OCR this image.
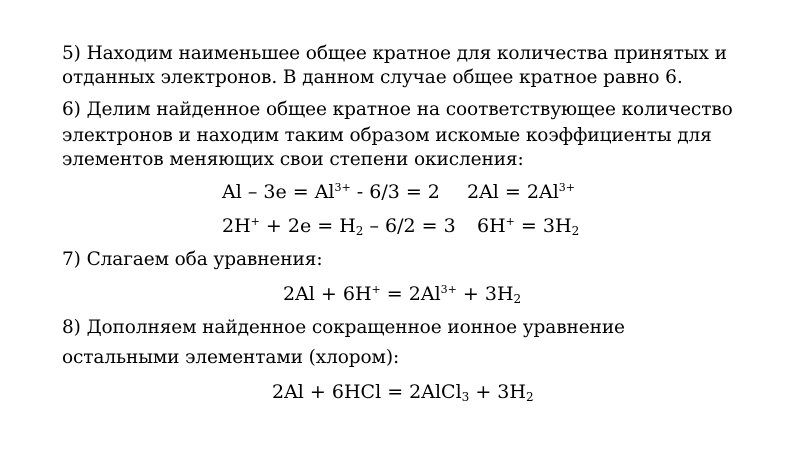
5) Находим наименьшее общее кратное для количества принятых и
отданных электронов. В данном случае общее кратное равно 6.
6) Делим найденное общее кратное на соответствующее количество
электронов и находим таким образом искомые коэффициенты для
элементов меняющих свои степени окисления:
$Al - 3e = Al^{3+} - 6/3 = 2$ $2Al = 2Al^{3+}$
$2H^+ + 2e = H_2 - 6/2 = 3$ $6H^+ = 3H_2$
7) Слагаем оба уравнения:
$2Al + 6H^+ = 2Al^{3+} + 3H_2$
8) Дополняем найденное сокращенное ионное уравнение
остальными элементами (хлором):
2Al + 6HCl = 2AlCl$_3$ + $3H_2$
